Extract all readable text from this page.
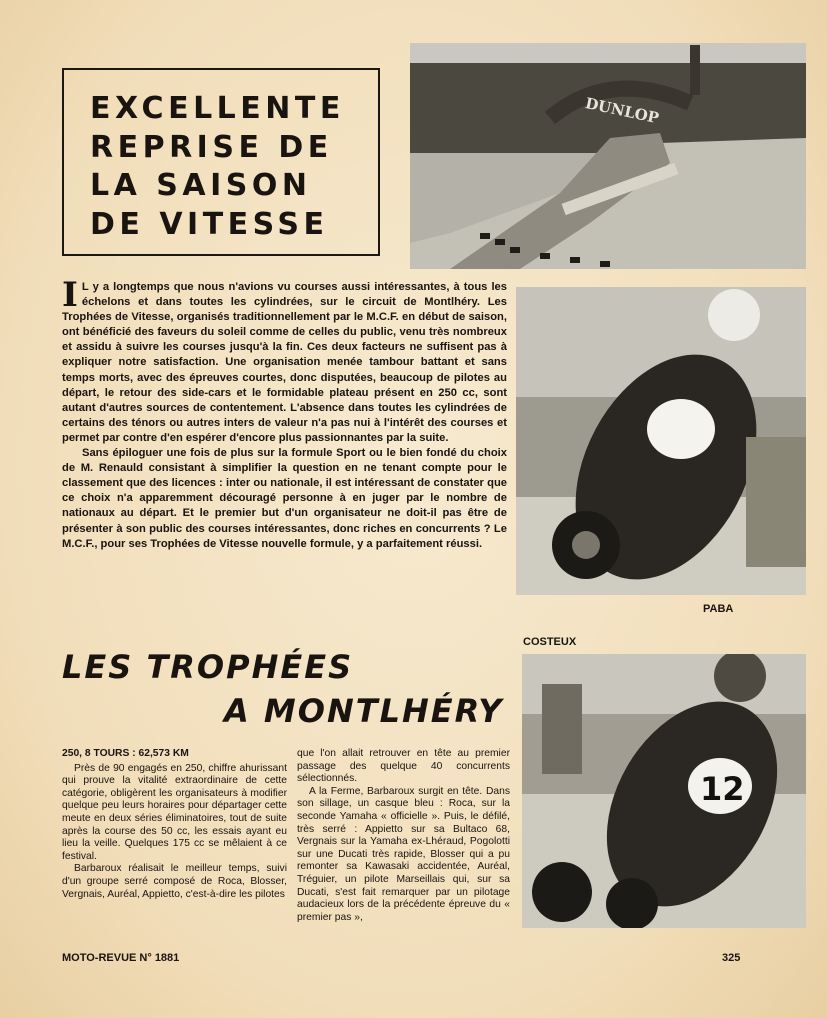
EXCELLENTE
REPRISE DE
LA SAISON
DE VITESSE
DUNLOP
I L y a longtemps que nous n'avions vu courses aussi intéressantes, à tous les échelons et dans toutes les cylindrées, sur le circuit de Montlhéry. Les Trophées de Vitesse, organisés traditionnellement par le M.C.F. en début de saison, ont bénéficié des faveurs du soleil comme de celles du public, venu très nombreux et assidu à suivre les courses jusqu'à la fin. Ces deux facteurs ne suffisent pas à expliquer notre satisfaction. Une organisation menée tambour battant et sans temps morts, avec des épreuves courtes, donc disputées, beaucoup de pilotes au départ, le retour des side-cars et le formidable plateau présent en 250 cc, sont autant d'autres sources de contentement. L'absence dans toutes les cylindrées de certains des ténors ou autres inters de valeur n'a pas nui à l'intérêt des courses et permet par contre d'en espérer d'encore plus passionnantes par la suite.

Sans épiloguer une fois de plus sur la formule Sport ou le bien fondé du choix de M. Renauld consistant à simplifier la question en ne tenant compte pour le classement que des licences : inter ou nationale, il est intéressant de constater que ce choix n'a apparemment découragé personne à en juger par le nombre de nationaux au départ. Et le premier but d'un organisateur ne doit-il pas être de présenter à son public des courses intéressantes, donc riches en concurrents ? Le M.C.F., pour ses Trophées de Vitesse nouvelle formule, y a parfaitement réussi.

PABA
COSTEUX
12
LES TROPHÉES
A MONTLHÉRY

250, 8 TOURS : 62,573 KM

Près de 90 engagés en 250, chiffre ahurissant qui prouve la vitalité extraordinaire de cette catégorie, obligèrent les organisateurs à modifier quelque peu leurs horaires pour départager cette meute en deux séries éliminatoires, tout de suite après la course des 50 cc, les essais ayant eu lieu la veille. Quelques 175 cc se mêlaient à ce festival.

Barbaroux réalisait le meilleur temps, suivi d'un groupe serré composé de Roca, Blosser, Vergnais, Auréal, Appietto, c'est-à-dire les pilotes

que l'on allait retrouver en tête au premier passage des quelque 40 concurrents sélectionnés.

A la Ferme, Barbaroux surgit en tête. Dans son sillage, un casque bleu : Roca, sur la seconde Yamaha « officielle ». Puis, le défilé, très serré : Appietto sur sa Bultaco 68, Vergnais sur la Yamaha ex-Lhéraud, Pogolotti sur une Ducati très rapide, Blosser qui a pu remonter sa Kawasaki accidentée, Auréal, Tréguier, un pilote Marseillais qui, sur sa Ducati, s'est fait remarquer par un pilotage audacieux lors de la précédente épreuve du « premier pas »,

MOTO-REVUE N° 1881	325
